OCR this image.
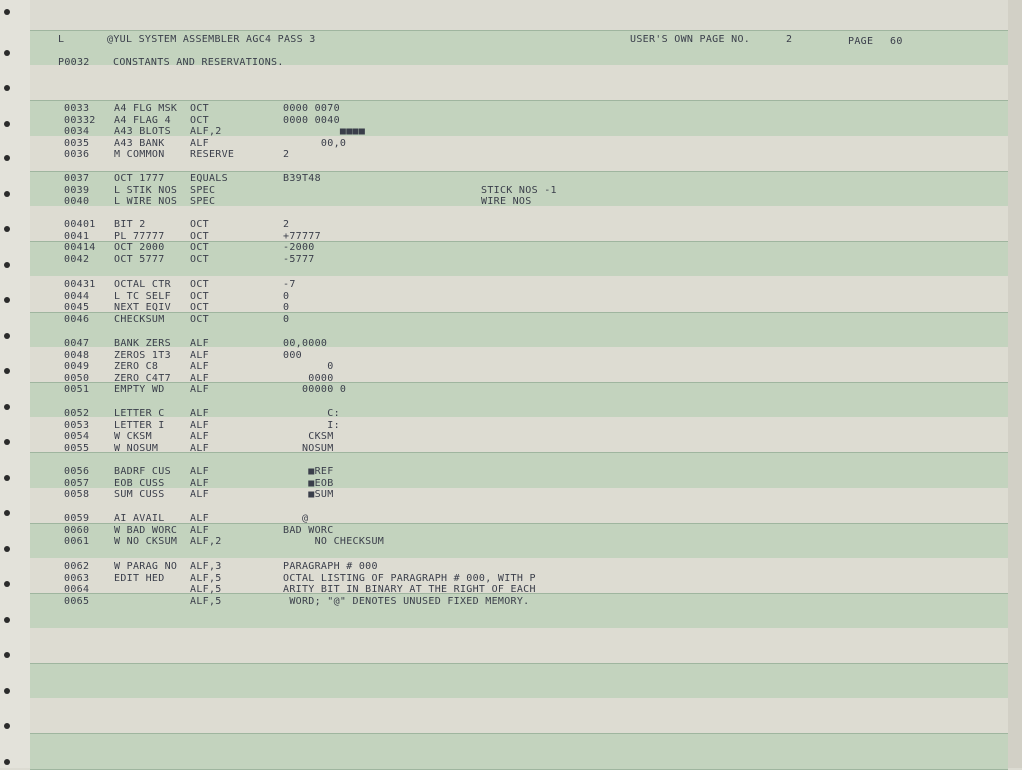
L	@YUL SYSTEM ASSEMBLER AGC4 PASS 3	USER'S OWN PAGE NO.	2	PAGE 60
P0032 CONSTANTS AND RESERVATIONS.
0033 A4 FLG MSK OCT	0000 0070
00332 A4 FLAG 4 OCT	0000 0040
0034 A43 BLOTS ALF,2	■■■■
0035 A43 BANK	ALF	00,0
0036 M COMMON	RESERVE	2
0037 OCT 1777	EQUALS	B39T48
0039 L STIK NOS SPEC	STICK NOS -1
0040 L WIRE NOS SPEC	WIRE NOS
00401 BIT 2	OCT	2
0041 PL 77777	OCT	+77777
00414 OCT 2000	OCT	-2000
0042 OCT 5777	OCT	-5777
00431 OCTAL CTR OCT	-7
0044 L TC SELF OCT	0
0045 NEXT EQIV OCT	0
0046 CHECKSUM	OCT	0
0047 BANK ZERS ALF	00,0000
0048 ZEROS 1T3 ALF	000
0049 ZERO C8	ALF	0
0050 ZERO C4T7 ALF	0000
0051 EMPTY WD	ALF	00000 0
0052 LETTER C	ALF	C:
0053 LETTER I	ALF	I:
0054 W CKSM	ALF	CKSM
0055 W NOSUM	ALF	NOSUM
0056 BADRF CUS ALF	■REF
0057 EOB CUSS	ALF	■EOB
0058 SUM CUSS	ALF	■SUM
0059 AI AVAIL	ALF	@
0060 W BAD WORC ALF	BAD WORC
0061 W NO CKSUM ALF,2	NO CHECKSUM
0062 W PARAG NO ALF,3	PARAGRAPH # 000
0063 EDIT HED	ALF,5	OCTAL LISTING OF PARAGRAPH # 000, WITH P
0064	ALF,5	ARITY BIT IN BINARY AT THE RIGHT OF EACH
0065	ALF,5	WORD; "@" DENOTES UNUSED FIXED MEMORY.
